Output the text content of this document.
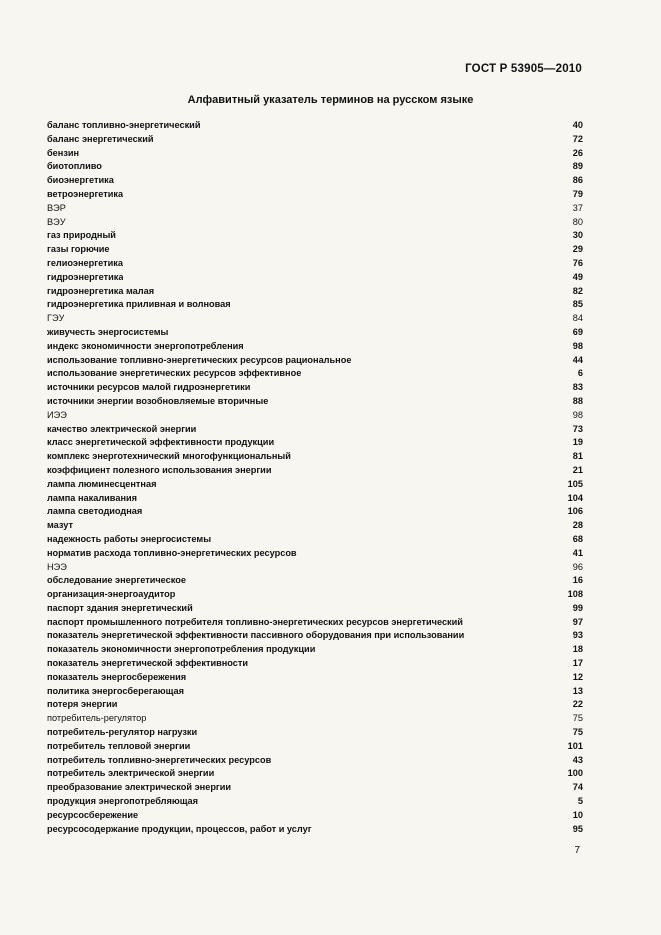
ГОСТ Р 53905—2010
Алфавитный указатель терминов на русском языке
баланс топливно-энергетический	40
баланс энергетический	72
бензин	26
биотопливо	89
биоэнергетика	86
ветроэнергетика	79
ВЭР	37
ВЭУ	80
газ природный	30
газы горючие	29
гелиоэнергетика	76
гидроэнергетика	49
гидроэнергетика малая	82
гидроэнергетика приливная и волновая	85
ГЭУ	84
живучесть энергосистемы	69
индекс экономичности энергопотребления	98
использование топливно-энергетических ресурсов рациональное	44
использование энергетических ресурсов эффективное	6
источники ресурсов малой гидроэнергетики	83
источники энергии возобновляемые вторичные	88
ИЭЭ	98
качество электрической энергии	73
класс энергетической эффективности продукции	19
комплекс энерготехнический многофункциональный	81
коэффициент полезного использования энергии	21
лампа люминесцентная	105
лампа накаливания	104
лампа светодиодная	106
мазут	28
надежность работы энергосистемы	68
норматив расхода топливно-энергетических ресурсов	41
НЭЭ	96
обследование энергетическое	16
организация-энергоаудитор	108
паспорт здания энергетический	99
паспорт промышленного потребителя топливно-энергетических ресурсов энергетический	97
показатель энергетической эффективности пассивного оборудования при использовании	93
показатель экономичности энергопотребления продукции	18
показатель энергетической эффективности	17
показатель энергосбережения	12
политика энергосберегающая	13
потеря энергии	22
потребитель-регулятор	75
потребитель-регулятор нагрузки	75
потребитель тепловой энергии	101
потребитель топливно-энергетических ресурсов	43
потребитель электрической энергии	100
преобразование электрической энергии	74
продукция энергопотребляющая	5
ресурсосбережение	10
ресурсосодержание продукции, процессов, работ и услуг	95
7
